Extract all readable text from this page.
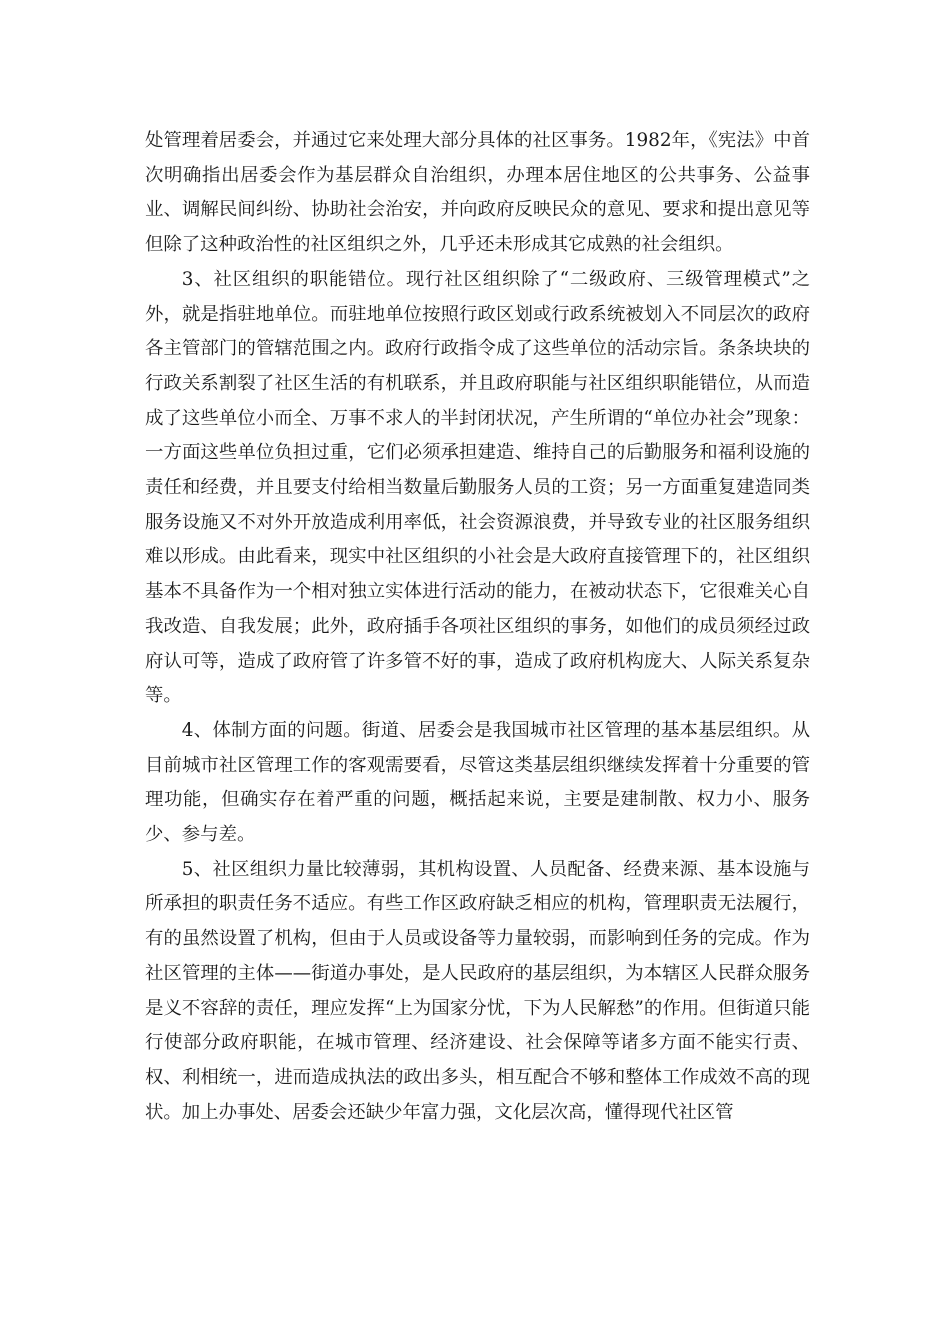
处管理着居委会，并通过它来处理大部分具体的社区事务。1982年，《宪法》中首次明确指出居委会作为基层群众自治组织，办理本居住地区的公共事务、公益事业、调解民间纠纷、协助社会治安，并向政府反映民众的意见、要求和提出意见等但除了这种政治性的社区组织之外，几乎还未形成其它成熟的社会组织。

3、社区组织的职能错位。现行社区组织除了“二级政府、三级管理模式”之外，就是指驻地单位。而驻地单位按照行政区划或行政系统被划入不同层次的政府各主管部门的管辖范围之内。政府行政指令成了这些单位的活动宗旨。条条块块的行政关系割裂了社区生活的有机联系，并且政府职能与社区组织职能错位，从而造成了这些单位小而全、万事不求人的半封闭状况，产生所谓的“单位办社会”现象：一方面这些单位负担过重，它们必须承担建造、维持自己的后勤服务和福利设施的责任和经费，并且要支付给相当数量后勤服务人员的工资；另一方面重复建造同类服务设施又不对外开放造成利用率低，社会资源浪费，并导致专业的社区服务组织难以形成。由此看来，现实中社区组织的小社会是大政府直接管理下的，社区组织基本不具备作为一个相对独立实体进行活动的能力，在被动状态下，它很难关心自我改造、自我发展；此外，政府插手各项社区组织的事务，如他们的成员须经过政府认可等，造成了政府管了许多管不好的事，造成了政府机构庞大、人际关系复杂等。

4、体制方面的问题。街道、居委会是我国城市社区管理的基本基层组织。从目前城市社区管理工作的客观需要看，尽管这类基层组织继续发挥着十分重要的管理功能，但确实存在着严重的问题，概括起来说，主要是建制散、权力小、服务少、参与差。

5、社区组织力量比较薄弱，其机构设置、人员配备、经费来源、基本设施与所承担的职责任务不适应。有些工作区政府缺乏相应的机构，管理职责无法履行，有的虽然设置了机构，但由于人员或设备等力量较弱，而影响到任务的完成。作为社区管理的主体——街道办事处，是人民政府的基层组织，为本辖区人民群众服务是义不容辞的责任，理应发挥“上为国家分忧，下为人民解愁”的作用。但街道只能行使部分政府职能，在城市管理、经济建设、社会保障等诸多方面不能实行责、权、利相统一，进而造成执法的政出多头，相互配合不够和整体工作成效不高的现状。加上办事处、居委会还缺少年富力强，文化层次高，懂得现代社区管
